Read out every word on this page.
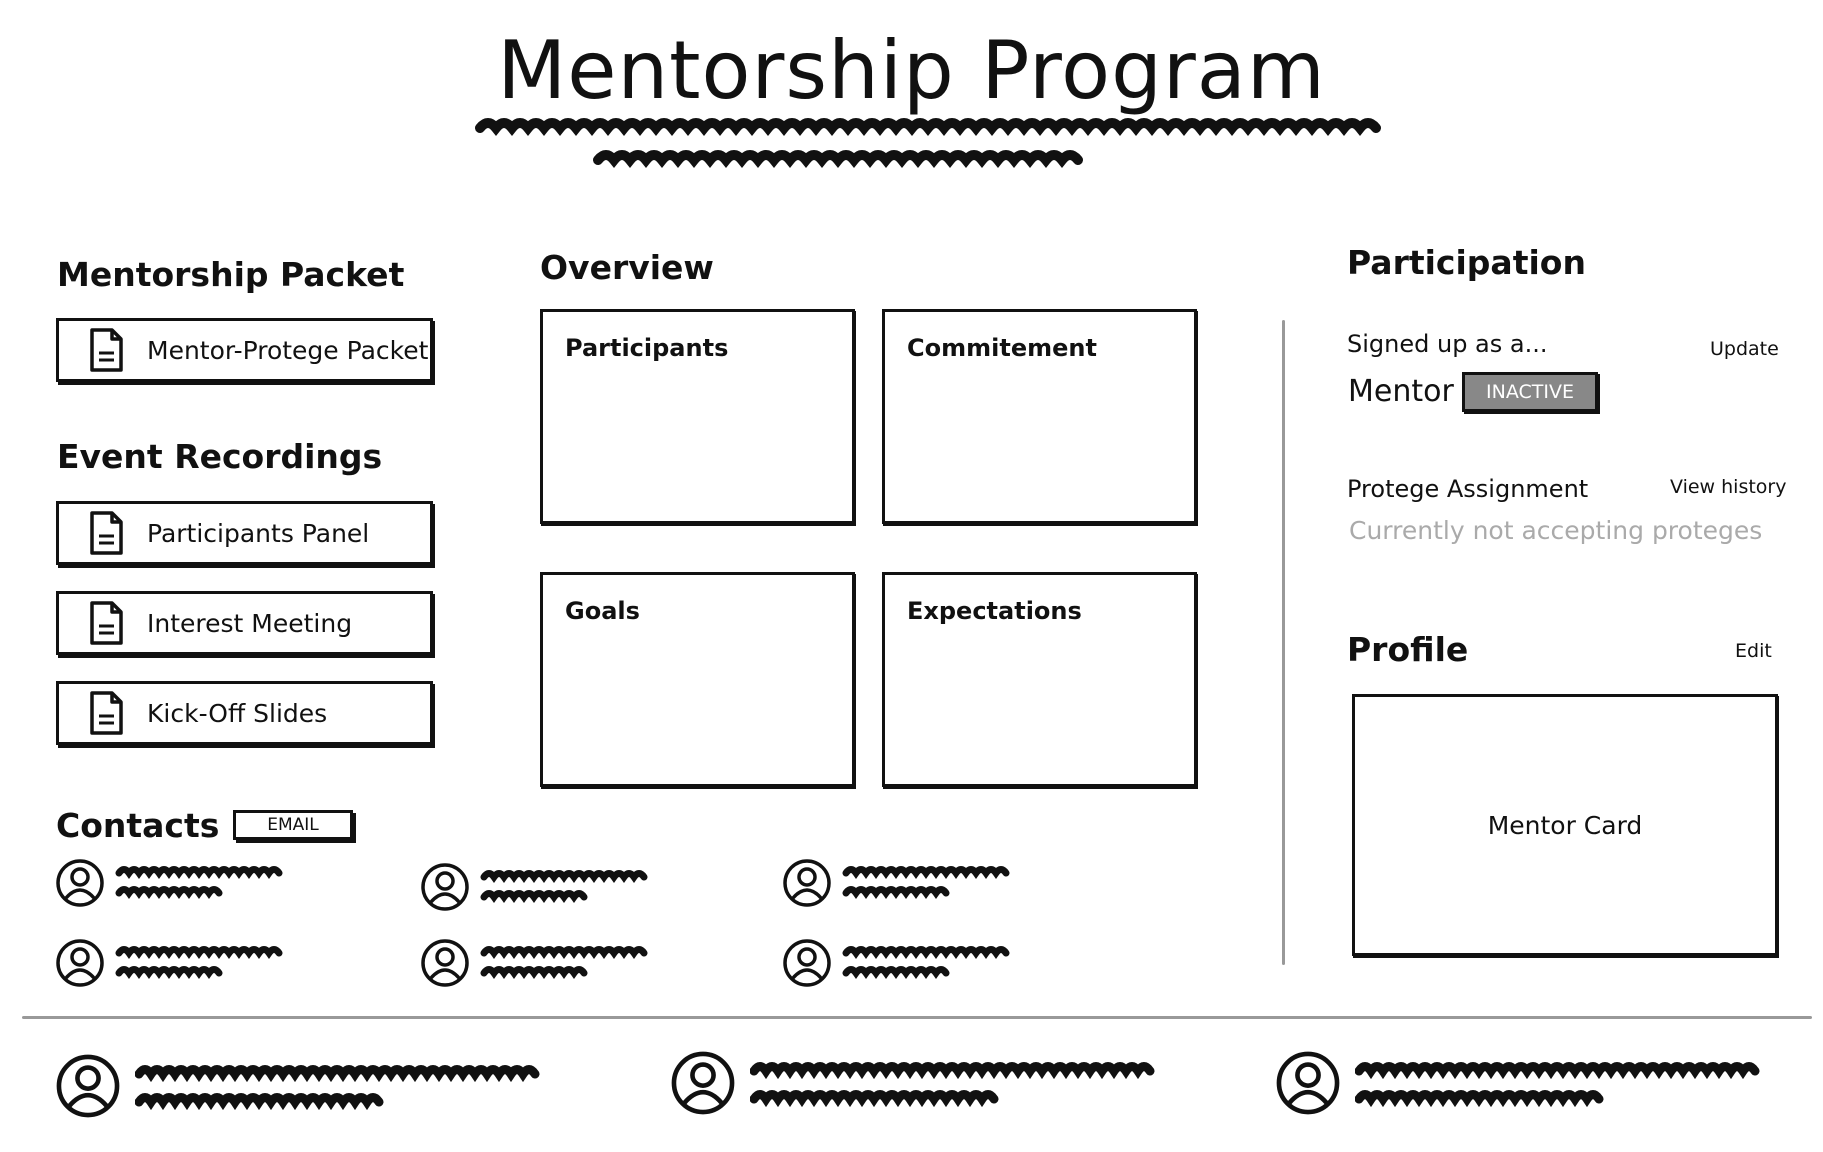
Mentorship Program
Mentorship Packet
Mentor-Protege Packet
Event Recordings
Participants Panel
Interest Meeting
Kick-Off Slides
Contacts	EMAIL
Overview
Participants	Commitement
Goals	Expectations
Participation
Signed up as a...	Update
Mentor	INACTIVE
Protege Assignment	View history
Currently not accepting proteges
Profile	Edit
Mentor Card
